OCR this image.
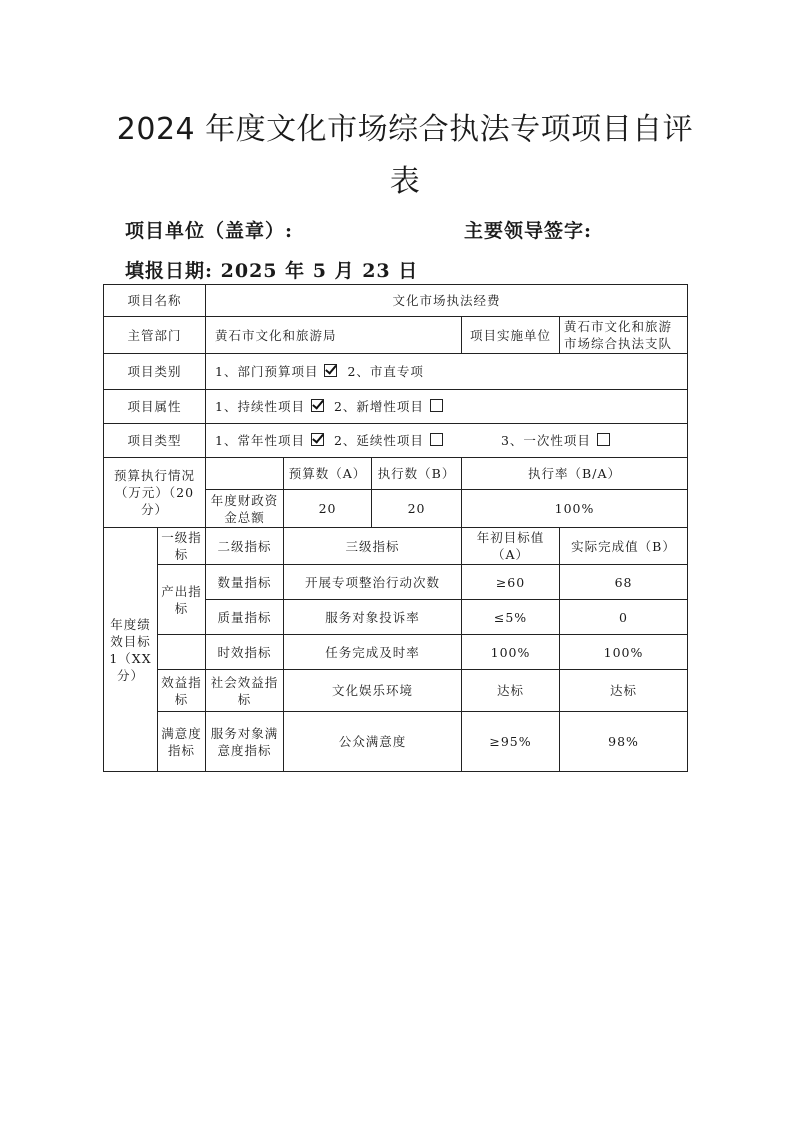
2024 年度文化市场综合执法专项项目自评
表
项目单位（盖章）:	主要领导签字:
填报日期: 2025 年 5 月 23 日
项目名称		文化市场执法经费				
主管部门		黄石市文化和旅游局			项目实施单位	黄石市文化和旅游市场综合执法支队
项目类别		1、部门预算项目 2、市直专项				
项目属性		1、持续性项目 2、新增性项目				
项目类型		1、常年性项目 2、延续性项目 3、一次性项目				
预算执行情况（万元）（20分）			预算数（A）	执行数（B）	执行率（B/A）	
		年度财政资金总额	20	20	100%	
年度绩效目标1（XX分）	一级指标	二级指标	三级指标		年初目标值（A）	实际完成值（B）
	产出指标	数量指标	开展专项整治行动次数		≥60	68
		质量指标	服务对象投诉率		≤5%	0
		时效指标	任务完成及时率		100%	100%
	效益指标	社会效益指标	文化娱乐环境		达标	达标
	满意度指标	服务对象满意度指标	公众满意度		≥95%	98%
